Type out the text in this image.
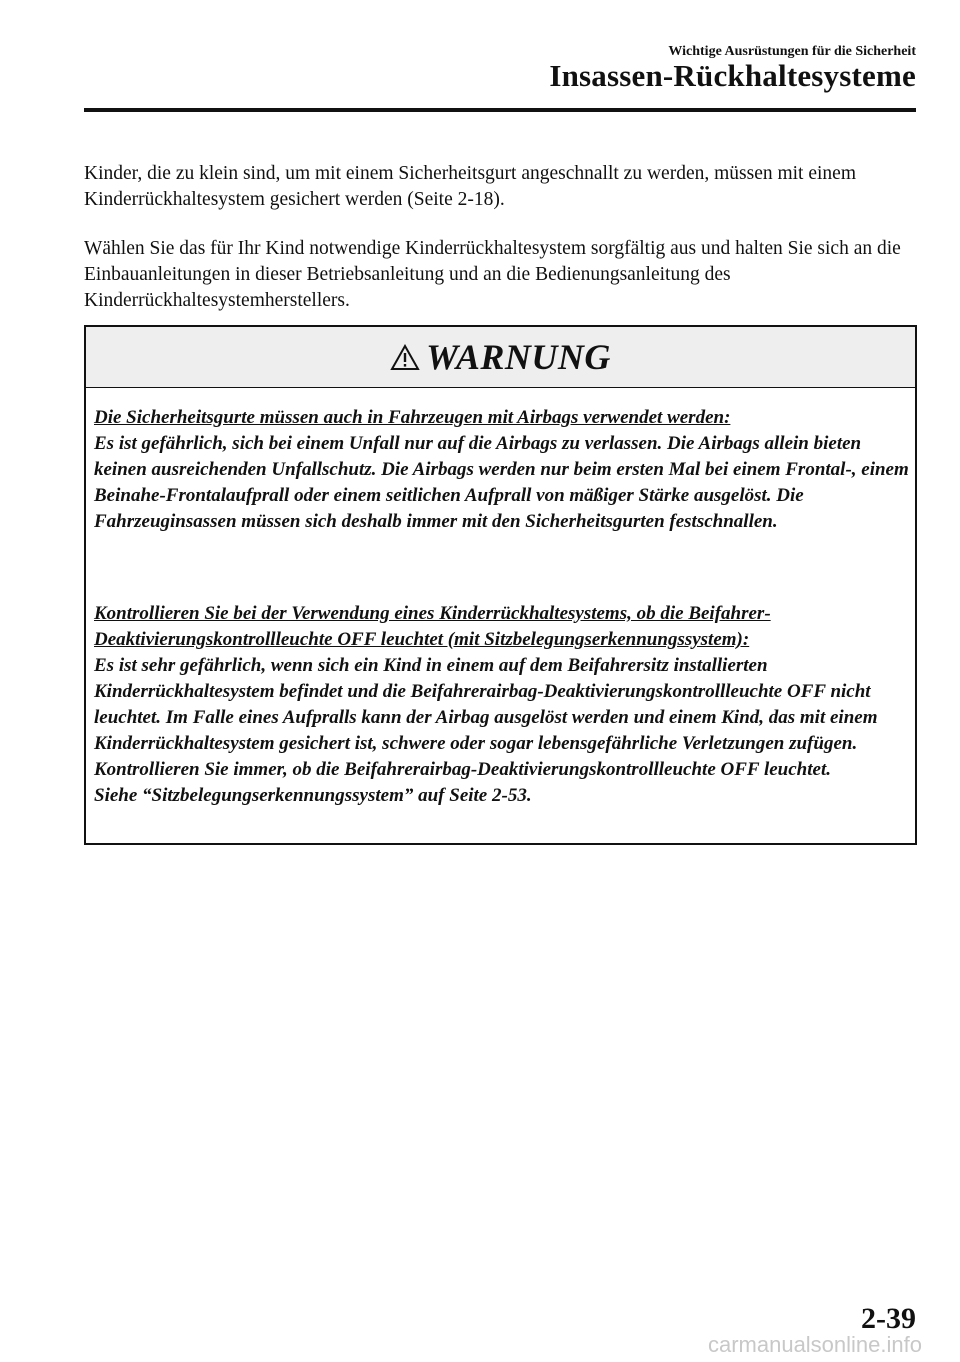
Wichtige Ausrüstungen für die Sicherheit
Insassen-Rückhaltesysteme

Kinder, die zu klein sind, um mit einem Sicherheitsgurt angeschnallt zu werden, müssen mit einem Kinderrückhaltesystem gesichert werden (Seite 2-18).

Wählen Sie das für Ihr Kind notwendige Kinderrückhaltesystem sorgfältig aus und halten Sie sich an die Einbauanleitungen in dieser Betriebsanleitung und an die Bedienungsanleitung des Kinderrückhaltesystemherstellers.

WARNUNG
Die Sicherheitsgurte müssen auch in Fahrzeugen mit Airbags verwendet werden:
Es ist gefährlich, sich bei einem Unfall nur auf die Airbags zu verlassen. Die Airbags allein bieten keinen ausreichenden Unfallschutz. Die Airbags werden nur beim ersten Mal bei einem Frontal-, einem Beinahe-Frontalaufprall oder einem seitlichen Aufprall von mäßiger Stärke ausgelöst. Die Fahrzeuginsassen müssen sich deshalb immer mit den Sicherheitsgurten festschnallen.
Kontrollieren Sie bei der Verwendung eines Kinderrückhaltesystems, ob die Beifahrer-Deaktivierungskontrollleuchte OFF leuchtet (mit Sitzbelegungserkennungssystem):
Es ist sehr gefährlich, wenn sich ein Kind in einem auf dem Beifahrersitz installierten Kinderrückhaltesystem befindet und die Beifahrerairbag-Deaktivierungskontrollleuchte OFF nicht leuchtet. Im Falle eines Aufpralls kann der Airbag ausgelöst werden und einem Kind, das mit einem Kinderrückhaltesystem gesichert ist, schwere oder sogar lebensgefährliche Verletzungen zufügen. Kontrollieren Sie immer, ob die Beifahrerairbag-Deaktivierungskontrollleuchte OFF leuchtet.
Siehe “Sitzbelegungserkennungssystem” auf Seite 2-53.
2-39
carmanualsonline.info
